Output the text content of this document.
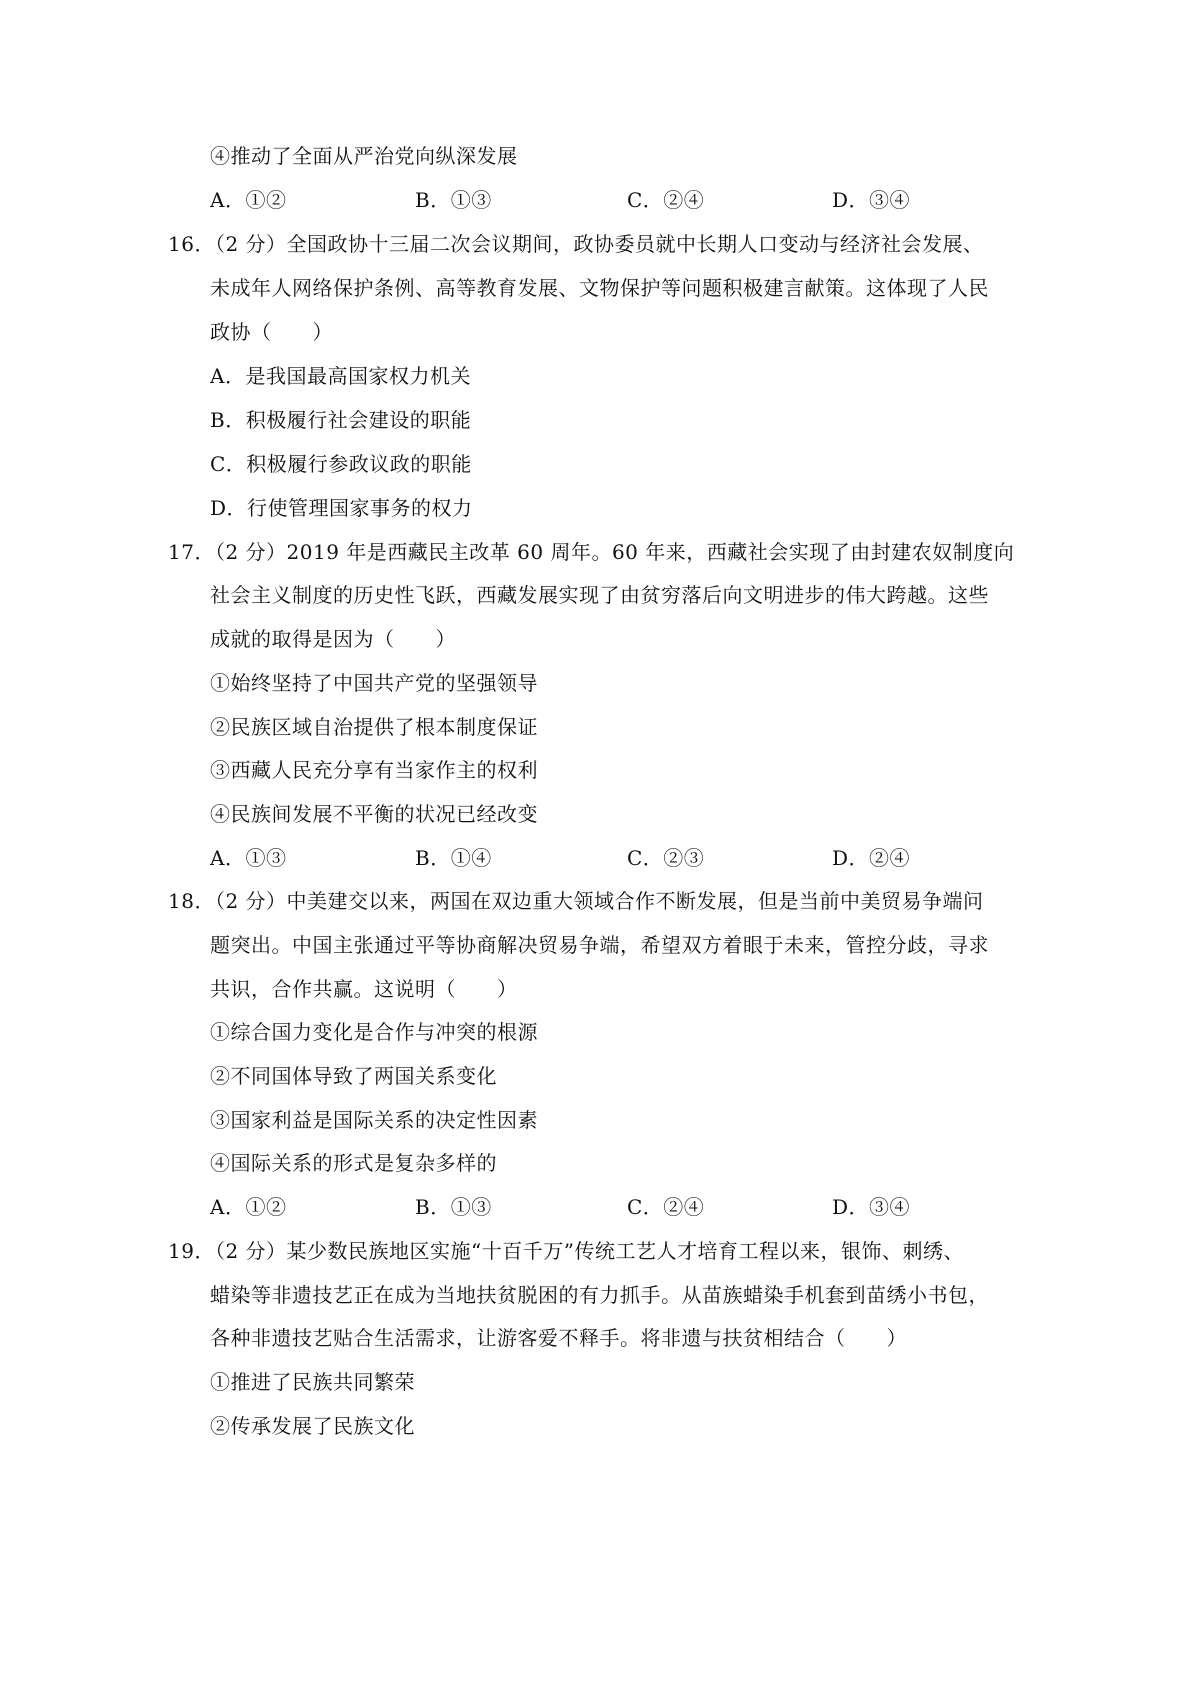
④推动了全面从严治党向纵深发展
A．①②	B．①③	C．②④	D．③④
16．（2 分）全国政协十三届二次会议期间，政协委员就中长期人口变动与经济社会发展、
未成年人网络保护条例、高等教育发展、文物保护等问题积极建言献策。这体现了人民
政协（　　）
A．是我国最高国家权力机关
B．积极履行社会建设的职能
C．积极履行参政议政的职能
D．行使管理国家事务的权力
17．（2 分）2019 年是西藏民主改革 60 周年。60 年来，西藏社会实现了由封建农奴制度向
社会主义制度的历史性飞跃，西藏发展实现了由贫穷落后向文明进步的伟大跨越。这些
成就的取得是因为（　　）
①始终坚持了中国共产党的坚强领导
②民族区域自治提供了根本制度保证
③西藏人民充分享有当家作主的权利
④民族间发展不平衡的状况已经改变
A．①③	B．①④	C．②③	D．②④
18．（2 分）中美建交以来，两国在双边重大领域合作不断发展，但是当前中美贸易争端问
题突出。中国主张通过平等协商解决贸易争端，希望双方着眼于未来，管控分歧，寻求
共识，合作共赢。这说明（　　）
①综合国力变化是合作与冲突的根源
②不同国体导致了两国关系变化
③国家利益是国际关系的决定性因素
④国际关系的形式是复杂多样的
A．①②	B．①③	C．②④	D．③④
19．（2 分）某少数民族地区实施“十百千万”传统工艺人才培育工程以来，银饰、刺绣、
蜡染等非遗技艺正在成为当地扶贫脱困的有力抓手。从苗族蜡染手机套到苗绣小书包，
各种非遗技艺贴合生活需求，让游客爱不释手。将非遗与扶贫相结合（　　）
①推进了民族共同繁荣
②传承发展了民族文化
